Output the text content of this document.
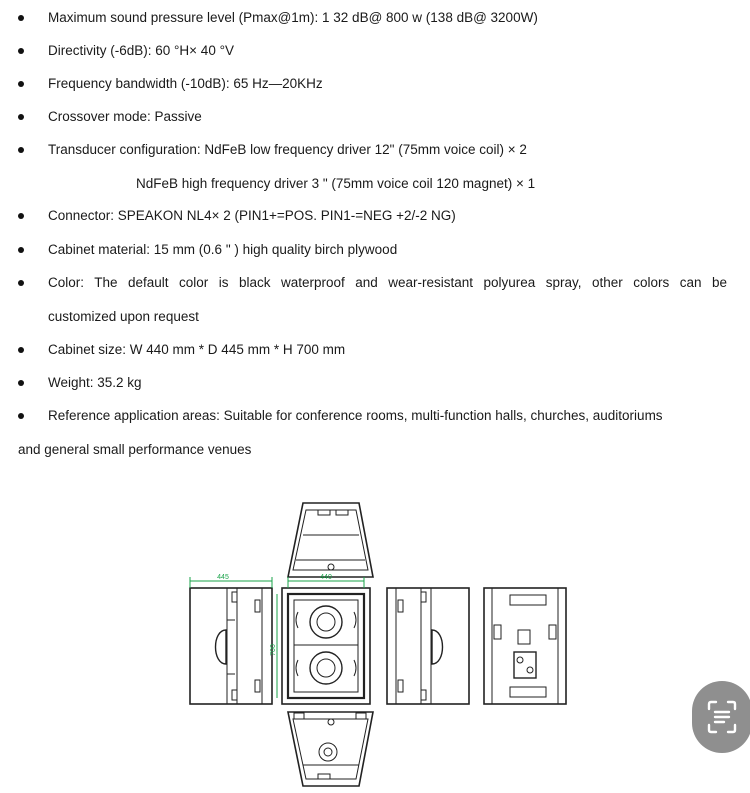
Maximum sound pressure level (Pmax@1m): 1 32 dB@ 800 w (138 dB@ 3200W)
Directivity (-6dB): 60 °H× 40 °V
Frequency bandwidth (-10dB): 65 Hz—20KHz
Crossover mode: Passive
Transducer configuration: NdFeB low frequency driver 12" (75mm voice coil) × 2
NdFeB high frequency driver 3 " (75mm voice coil 120 magnet) × 1
Connector: SPEAKON NL4× 2 (PIN1+=POS. PIN1-=NEG +2/-2 NG)
Cabinet material: 15 mm (0.6 " ) high quality birch plywood
Color: The default color is black waterproof and wear-resistant polyurea spray, other colors can be
customized upon request
Cabinet size: W 440 mm * D 445 mm * H 700 mm
Weight: 35.2 kg
Reference application areas: Suitable for conference rooms, multi-function halls, churches, auditoriums
and general small performance venues
445	440
700
